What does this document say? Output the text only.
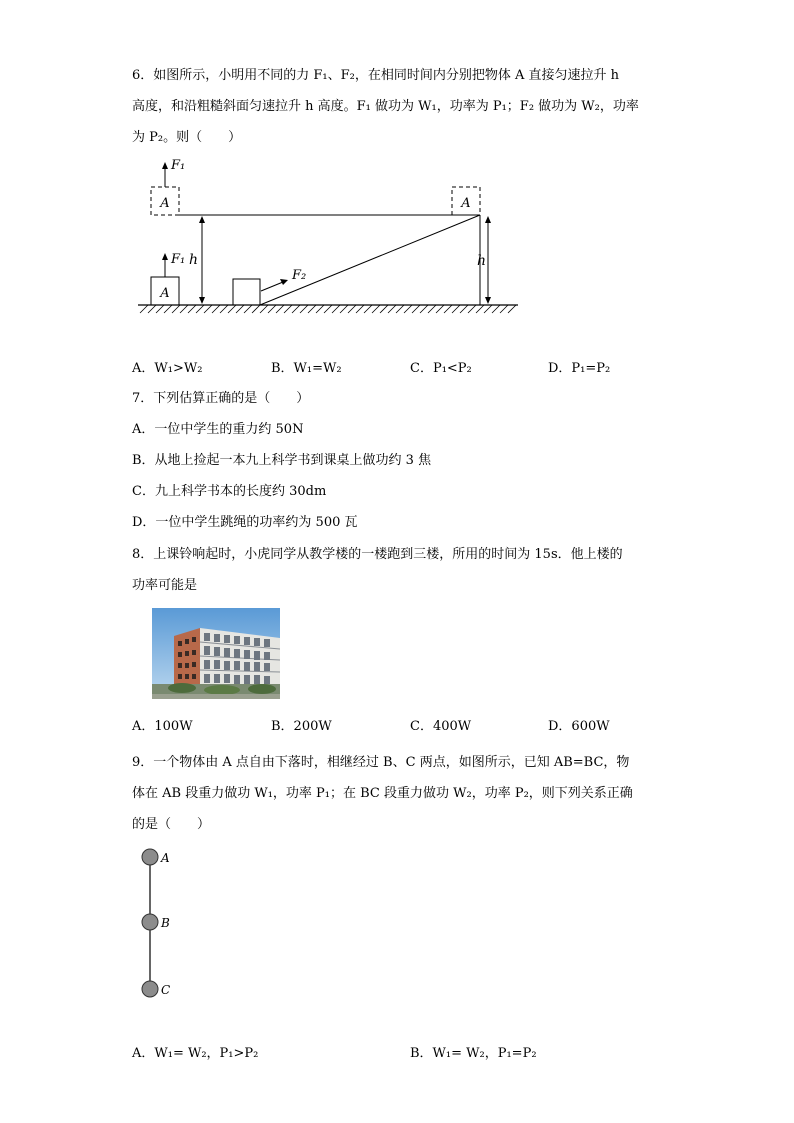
6．如图所示，小明用不同的力 F₁、F₂，在相同时间内分别把物体 A 直接匀速拉升 h
高度，和沿粗糙斜面匀速拉升 h 高度。F₁ 做功为 W₁，功率为 P₁；F₂ 做功为 W₂，功率
为 P₂。则（　　）
A
F₁
h
A
F₁
F₂
A
h
A．W₁>W₂	B．W₁=W₂	C．P₁<P₂	D．P₁=P₂
7．下列估算正确的是（　　）
A．一位中学生的重力约 50N
B．从地上捡起一本九上科学书到课桌上做功约 3 焦
C．九上科学书本的长度约 30dm
D．一位中学生跳绳的功率约为 500 瓦
8．上课铃响起时，小虎同学从教学楼的一楼跑到三楼，所用的时间为 15s．他上楼的
功率可能是
A．100W	B．200W	C．400W	D．600W
9．一个物体由 A 点自由下落时，相继经过 B、C 两点，如图所示，已知 AB=BC，物
体在 AB 段重力做功 W₁，功率 P₁；在 BC 段重力做功 W₂，功率 P₂，则下列关系正确
的是（　　）
A
B
C
A．W₁= W₂，P₁>P₂	B．W₁= W₂，P₁=P₂
